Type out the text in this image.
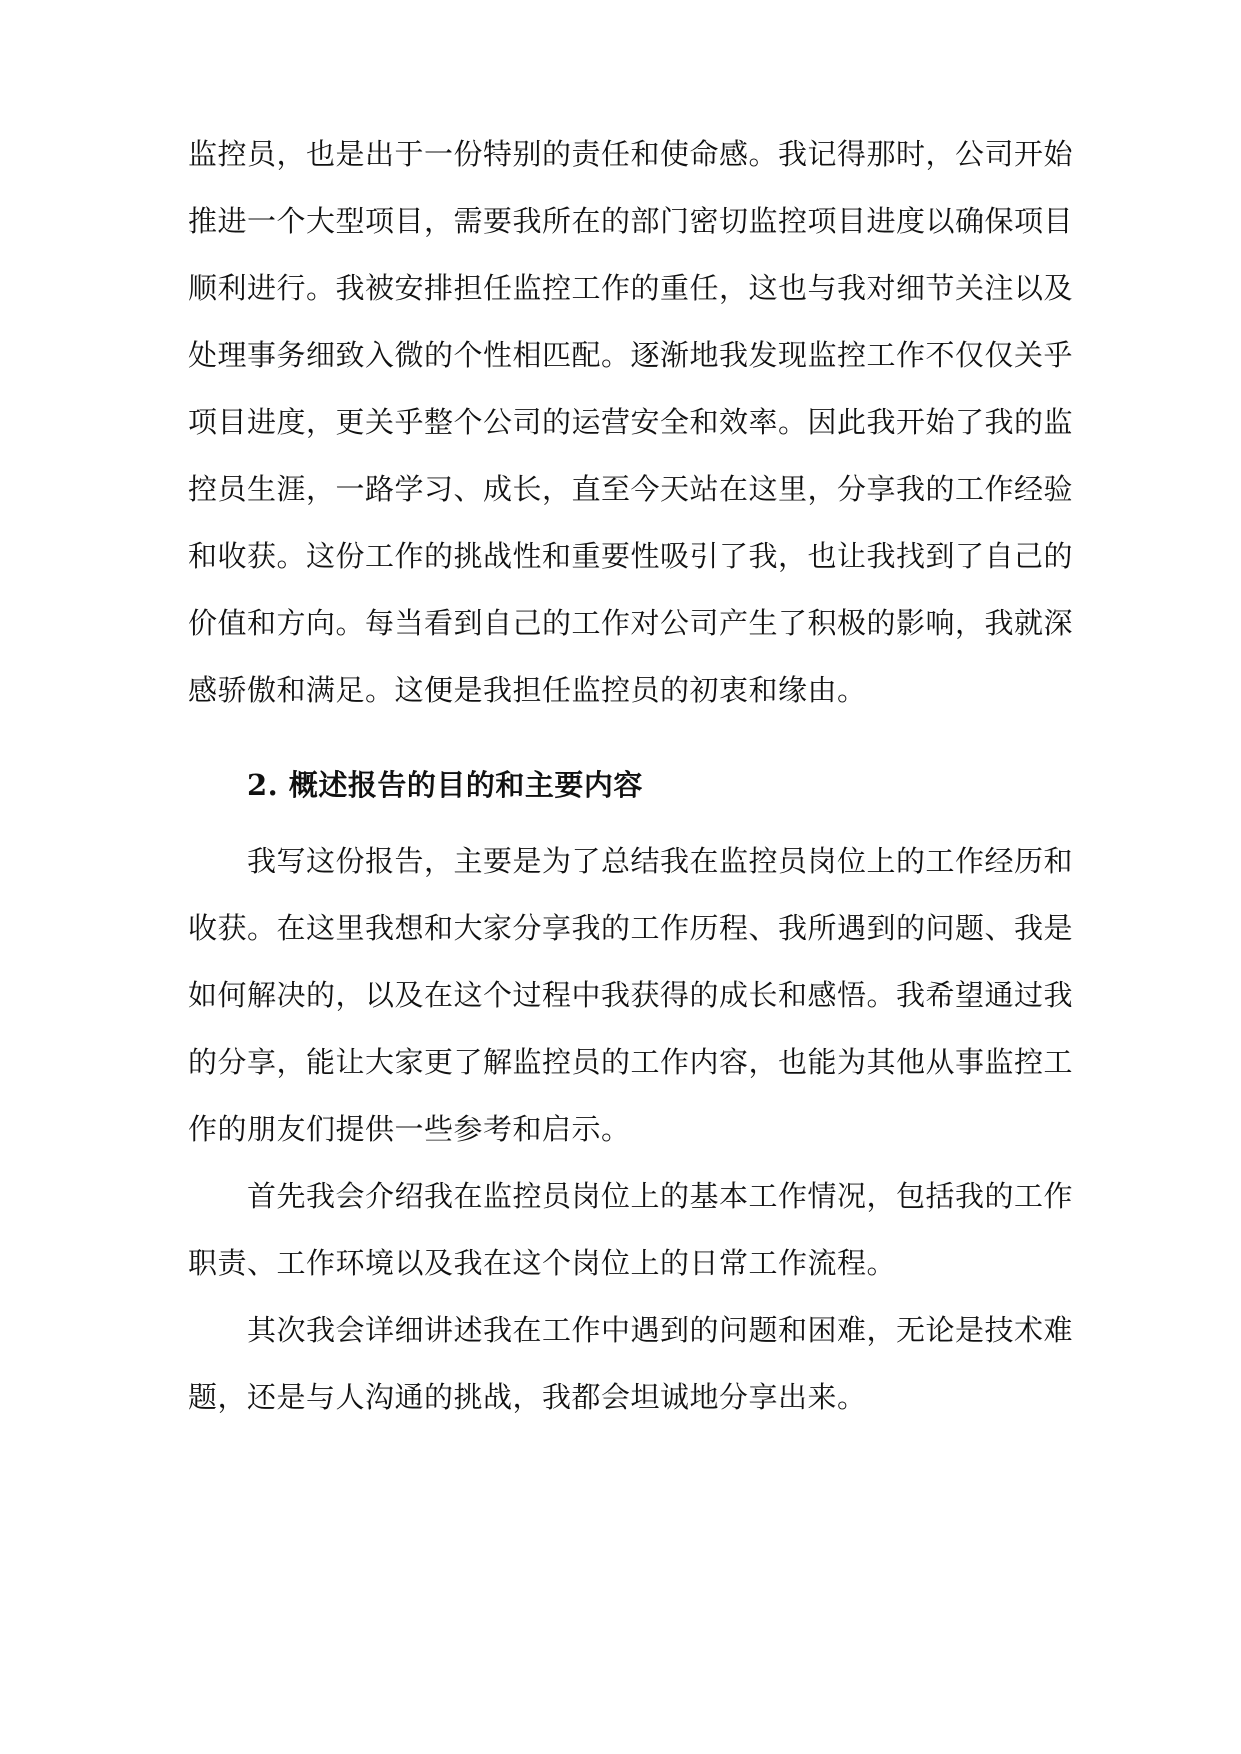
监控员，也是出于一份特别的责任和使命感。我记得那时，公司开始
推进一个大型项目，需要我所在的部门密切监控项目进度以确保项目
顺利进行。我被安排担任监控工作的重任，这也与我对细节关注以及
处理事务细致入微的个性相匹配。逐渐地我发现监控工作不仅仅关乎
项目进度，更关乎整个公司的运营安全和效率。因此我开始了我的监
控员生涯，一路学习、成长，直至今天站在这里，分享我的工作经验
和收获。这份工作的挑战性和重要性吸引了我，也让我找到了自己的
价值和方向。每当看到自己的工作对公司产生了积极的影响，我就深
感骄傲和满足。这便是我担任监控员的初衷和缘由。
2. 概述报告的目的和主要内容
我写这份报告，主要是为了总结我在监控员岗位上的工作经历和
收获。在这里我想和大家分享我的工作历程、我所遇到的问题、我是
如何解决的，以及在这个过程中我获得的成长和感悟。我希望通过我
的分享，能让大家更了解监控员的工作内容，也能为其他从事监控工
作的朋友们提供一些参考和启示。
首先我会介绍我在监控员岗位上的基本工作情况，包括我的工作
职责、工作环境以及我在这个岗位上的日常工作流程。
其次我会详细讲述我在工作中遇到的问题和困难，无论是技术难
题，还是与人沟通的挑战，我都会坦诚地分享出来。
